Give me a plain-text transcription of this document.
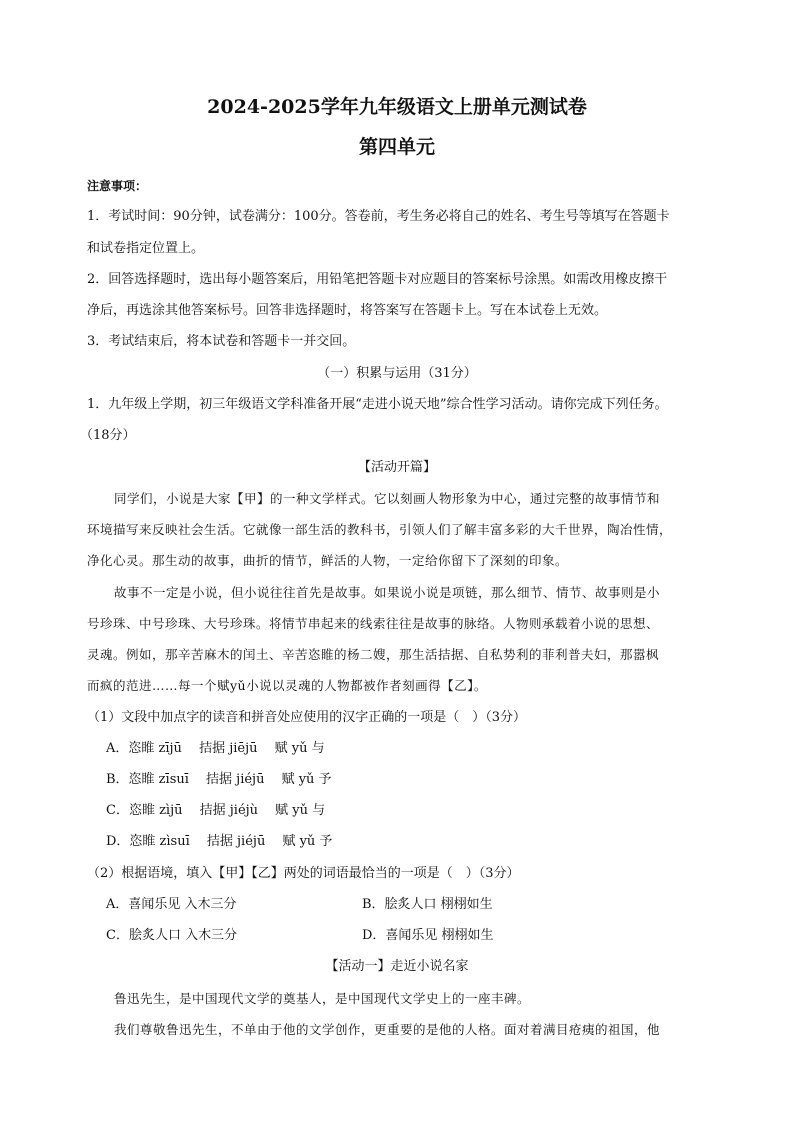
2024-2025学年九年级语文上册单元测试卷
第四单元
注意事项：
1．考试时间：90分钟，试卷满分：100分。答卷前，考生务必将自己的姓名、考生号等填写在答题卡
和试卷指定位置上。
2．回答选择题时，选出每小题答案后，用铅笔把答题卡对应题目的答案标号涂黑。如需改用橡皮擦干
净后，再选涂其他答案标号。回答非选择题时，将答案写在答题卡上。写在本试卷上无效。
3．考试结束后，将本试卷和答题卡一并交回。
（一）积累与运用（31分）
1．九年级上学期，初三年级语文学科准备开展“走进小说天地”综合性学习活动。请你完成下列任务。
（18分）
【活动开篇】
同学们，小说是大家【甲】的一种文学样式。它以刻画人物形象为中心，通过完整的故事情节和
环境描写来反映社会生活。它就像一部生活的教科书，引领人们了解丰富多彩的大千世界，陶冶性情，
净化心灵。那生动的故事，曲折的情节，鲜活的人物，一定给你留下了深刻的印象。
故事不一定是小说，但小说往往首先是故事。如果说小说是项链，那么细节、情节、故事则是小
号珍珠、中号珍珠、大号珍珠。将情节串起来的线索往往是故事的脉络。人物则承载着小说的思想、
灵魂。例如，那辛苦麻木的闰土、辛苦恣睢的杨二嫂，那生活拮据、自私势利的菲利普夫妇，那嚣枫
而疯的范进……每一个赋yǔ小说以灵魂的人物都被作者刻画得【乙】。
（1）文段中加点字的读音和拼音处应使用的汉字正确的一项是（　）（3分）
A．恣睢 zījū　 拮据 jiējū　 赋 yǔ 与
B．恣睢 zīsuī　 拮据 jiéjū　 赋 yǔ 予
C．恣睢 zìjū　 拮据 jiéjù　 赋 yǔ 与
D．恣睢 zìsuī　 拮据 jiéjū　 赋 yǔ 予
（2）根据语境，填入【甲】【乙】两处的词语最恰当的一项是（　）（3分）
A．喜闻乐见 入木三分	B．脍炙人口 栩栩如生
C．脍炙人口 入木三分	D．喜闻乐见 栩栩如生
【活动一】走近小说名家
鲁迅先生，是中国现代文学的奠基人，是中国现代文学史上的一座丰碑。
我们尊敬鲁迅先生，不单由于他的文学创作，更重要的是他的人格。面对着满目疮痍的祖国，他
